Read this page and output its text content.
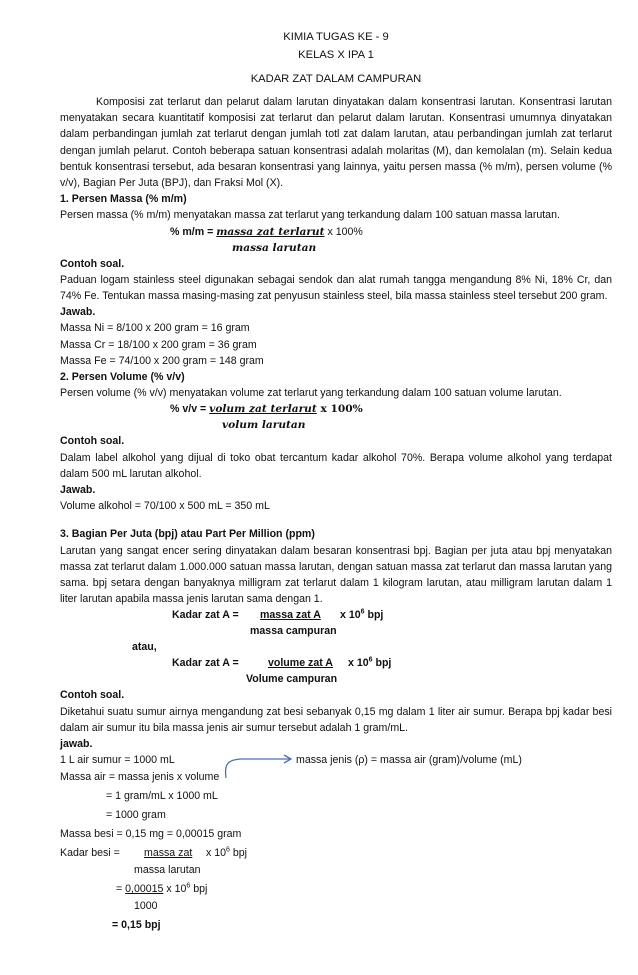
KIMIA TUGAS KE - 9
KELAS X IPA 1
KADAR ZAT DALAM CAMPURAN

Komposisi zat terlarut dan pelarut dalam larutan dinyatakan dalam konsentrasi larutan. Konsentrasi larutan menyatakan secara kuantitatif komposisi zat terlarut dan pelarut dalam larutan. Konsentrasi umumnya dinyatakan dalam perbandingan jumlah zat terlarut dengan jumlah totl zat dalam larutan, atau perbandingan jumlah zat terlarut dengan jumlah pelarut. Contoh beberapa satuan konsentrasi adalah molaritas (M), dan kemolalan (m). Selain kedua bentuk konsentrasi tersebut, ada besaran konsentrasi yang lainnya, yaitu persen massa (% m/m), persen volume (% v/v), Bagian Per Juta (BPJ), dan Fraksi Mol (X).

1. Persen Massa (% m/m)
Persen massa (% m/m) menyatakan massa zat terlarut yang terkandung dalam 100 satuan massa larutan.
% m/m = massa zat terlarut x 100%
massa larutan
Contoh soal.

Paduan logam stainless steel digunakan sebagai sendok dan alat rumah tangga mengandung 8% Ni, 18% Cr, dan 74% Fe. Tentukan massa masing-masing zat penyusun stainless steel, bila massa stainless steel tersebut 200 gram.

Jawab.
Massa Ni = 8/100 x 200 gram = 16 gram
Massa Cr = 18/100 x 200 gram = 36 gram
Massa Fe = 74/100 x 200 gram = 148 gram
2. Persen Volume (% v/v)
Persen volume (% v/v) menyatakan volume zat terlarut yang terkandung dalam 100 satuan volume larutan.
% v/v = volum zat terlarut x 100%
volum larutan
Contoh soal.

Dalam label alkohol yang dijual di toko obat tercantum kadar alkohol 70%. Berapa volume alkohol yang terdapat dalam 500 mL larutan alkohol.

Jawab.
Volume alkohol = 70/100 x 500 mL = 350 mL
3. Bagian Per Juta (bpj) atau Part Per Million (ppm)

Larutan yang sangat encer sering dinyatakan dalam besaran konsentrasi bpj. Bagian per juta atau bpj menyatakan massa zat terlarut dalam 1.000.000 satuan massa larutan, dengan satuan massa zat terlarut dan massa larutan yang sama. bpj setara dengan banyaknya milligram zat terlarut dalam 1 kilogram larutan, atau milligram larutan dalam 1 liter larutan apabila massa jenis larutan sama dengan 1.

Kadar zat A = massa zat A x $10^6$ bpj
massa campuran
atau,
Kadar zat A =	volume zat A x $10^6$ bpj
Volume campuran
Contoh soal.

Diketahui suatu sumur airnya mengandung zat besi sebanyak 0,15 mg dalam 1 liter air sumur. Berapa bpj kadar besi dalam air sumur itu bila massa jenis air sumur tersebut adalah 1 gram/mL.

jawab.
1 L air sumur = 1000 mL	massa jenis (ρ) = massa air (gram)/volume (mL)
Massa air = massa jenis x volume
= 1 gram/mL x 1000 mL
= 1000 gram
Massa besi = 0,15 mg = 0,00015 gram
Kadar besi = massa zat x $10^6$ bpj
massa larutan
= 0,00015 x $10^6$ bpj
1000
= 0,15 bpj
